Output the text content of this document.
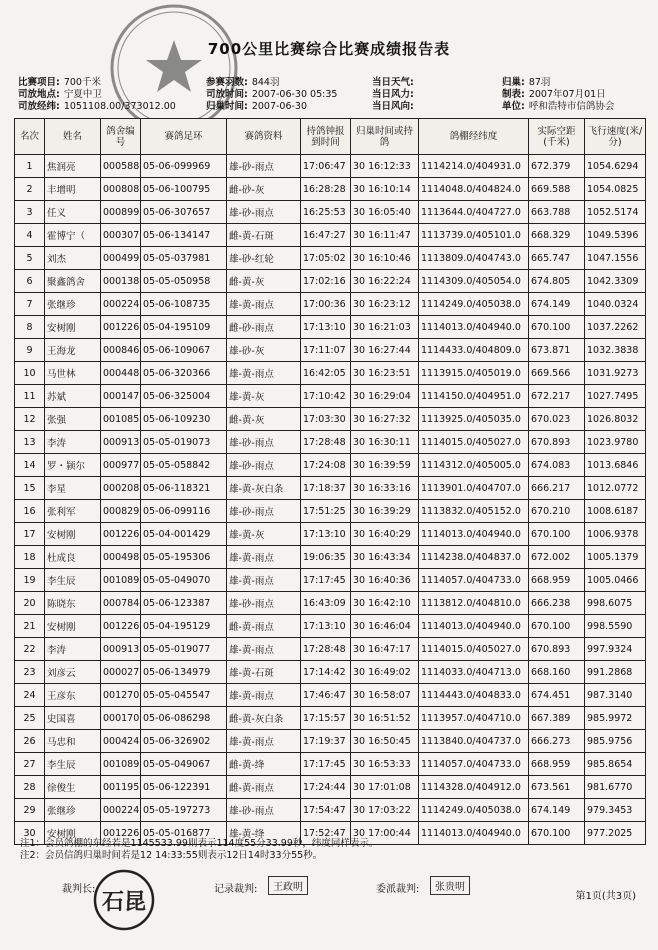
700公里比赛综合比赛成绩报告表
比赛项目: 700千米
司放地点: 宁夏中卫
司放经纬: 1051108.00/373012.00
参赛羽数: 844羽
司放时间: 2007-06-30 05:35
归巢时间: 2007-06-30
当日天气:
当日风力:
当日风向:
归巢: 87羽
制表: 2007年07月01日
单位: 呼和浩特市信鸽协会
名次	姓名	鸽舍编号	赛鸽足环	赛鸽资料	持鸽钟报到时间	归巢时间或持鸽	鸽棚经纬度	实际空距(千米)	飞行速度(米/分)
1	焦润亮	000588	05-06-099969	雄-砂-雨点	17:06:47	30 16:12:33	1114214.0/404931.0	672.379	1054.6294
2	丰增明	000808	05-06-100795	雌-砂-灰	16:28:28	30 16:10:14	1114048.0/404824.0	669.588	1054.0825
3	任义	000899	05-06-307657	雄-砂-雨点	16:25:53	30 16:05:40	1113644.0/404727.0	663.788	1052.5174
4	霍博宁（	000307	05-06-134147	雌-黄-石斑	16:47:27	30 16:11:47	1113739.0/405101.0	668.329	1049.5396
5	刘杰	000499	05-05-037981	雄-砂-红轮	17:05:02	30 16:10:46	1113809.0/404743.0	665.747	1047.1556
6	聚鑫鸽舍	000138	05-05-050958	雌-黄-灰	17:02:16	30 16:22:24	1114309.0/405054.0	674.805	1042.3309
7	张继珍	000224	05-06-108735	雄-黄-雨点	17:00:36	30 16:23:12	1114249.0/405038.0	674.149	1040.0324
8	安树刚	001226	05-04-195109	雌-砂-雨点	17:13:10	30 16:21:03	1114013.0/404940.0	670.100	1037.2262
9	王海龙	000846	05-06-109067	雄-砂-灰	17:11:07	30 16:27:44	1114433.0/404809.0	673.871	1032.3838
10	马世林	000448	05-06-320366	雄-黄-雨点	16:42:05	30 16:23:51	1113915.0/405019.0	669.566	1031.9273
11	苏斌	000147	05-06-325004	雄-黄-灰	17:10:42	30 16:29:04	1114150.0/404951.0	672.217	1027.7495
12	张强	001085	05-06-109230	雌-黄-灰	17:03:30	30 16:27:32	1113925.0/405035.0	670.023	1026.8032
13	李涛	000913	05-05-019073	雄-砂-雨点	17:28:48	30 16:30:11	1114015.0/405027.0	670.893	1023.9780
14	罗・颍尔	000977	05-05-058842	雄-砂-雨点	17:24:08	30 16:39:59	1114312.0/405005.0	674.083	1013.6846
15	李星	000208	05-06-118321	雄-黄-灰白条	17:18:37	30 16:33:16	1113901.0/404707.0	666.217	1012.0772
16	张利军	000829	05-06-099116	雄-砂-雨点	17:51:25	30 16:39:29	1113832.0/405152.0	670.210	1008.6187
17	安树刚	001226	05-04-001429	雄-黄-灰	17:13:10	30 16:40:29	1114013.0/404940.0	670.100	1006.9378
18	杜成良	000498	05-05-195306	雄-黄-雨点	19:06:35	30 16:43:34	1114238.0/404837.0	672.002	1005.1379
19	李生辰	001089	05-05-049070	雄-黄-雨点	17:17:45	30 16:40:36	1114057.0/404733.0	668.959	1005.0466
20	陈晓东	000784	05-06-123387	雄-砂-雨点	16:43:09	30 16:42:10	1113812.0/404810.0	666.238	998.6075
21	安树刚	001226	05-04-195129	雌-黄-雨点	17:13:10	30 16:46:04	1114013.0/404940.0	670.100	998.5590
22	李涛	000913	05-05-019077	雄-黄-雨点	17:28:48	30 16:47:17	1114015.0/405027.0	670.893	997.9324
23	刘彦云	000027	05-06-134979	雄-黄-石斑	17:14:42	30 16:49:02	1114033.0/404713.0	668.160	991.2868
24	王彦东	001270	05-05-045547	雄-黄-雨点	17:46:47	30 16:58:07	1114443.0/404833.0	674.451	987.3140
25	史国喜	000170	05-06-086298	雌-黄-灰白条	17:15:57	30 16:51:52	1113957.0/404710.0	667.389	985.9972
26	马忠和	000424	05-06-326902	雄-黄-雨点	17:19:37	30 16:50:45	1113840.0/404737.0	666.273	985.9756
27	李生辰	001089	05-05-049067	雌-黄-绛	17:17:45	30 16:53:33	1114057.0/404733.0	668.959	985.8654
28	徐俊生	001195	05-06-122391	雌-黄-雨点	17:24:44	30 17:01:08	1114328.0/404912.0	673.561	981.6770
29	张继珍	000224	05-05-197273	雄-砂-雨点	17:54:47	30 17:03:22	1114249.0/405038.0	674.149	979.3453
30	安树刚	001226	05-05-016877	雄-黄-绛	17:52:47	30 17:00:44	1114013.0/404940.0	670.100	977.2025
注1：会员鸽棚的东经若是1145533.99则表示114度55分33.99秒，纬度同样表示。
注2：会员信鸽归巢时间若是12 14:33:55则表示12日14时33分55秒。
裁判长: 石昆	记录裁判:	王政明	委派裁判:	张贵明
第1页(共3页)
